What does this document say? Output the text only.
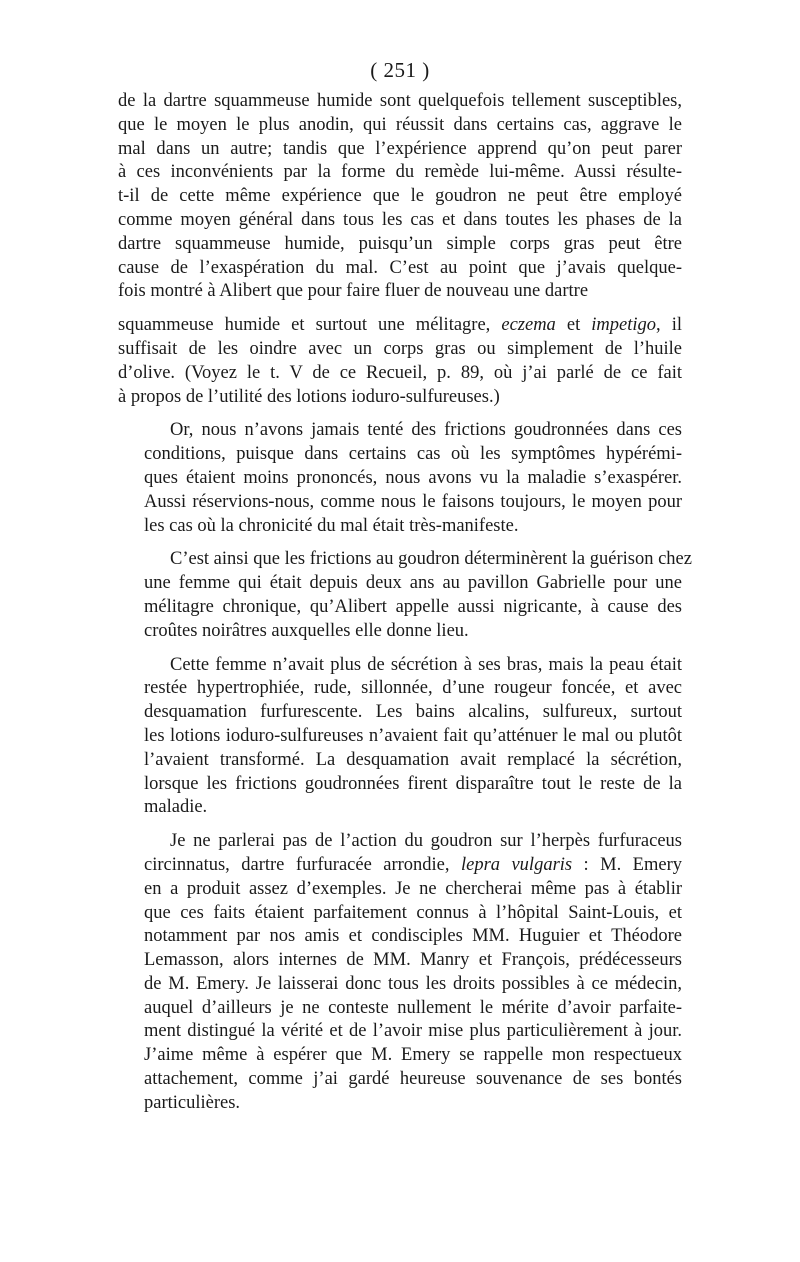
( 251 )
de la dartre squammeuse humide sont quelquefois tellement susceptibles,
que le moyen le plus anodin, qui réussit dans certains cas, aggrave le
mal dans un autre; tandis que l’expérience apprend qu’on peut parer
à ces inconvénients par la forme du remède lui-même. Aussi résulte-
t-il de cette même expérience que le goudron ne peut être employé
comme moyen général dans tous les cas et dans toutes les phases de la
dartre squammeuse humide, puisqu’un simple corps gras peut être
cause de l’exaspération du mal. C’est au point que j’avais quelque-
fois montré à Alibert que pour faire fluer de nouveau une dartre
squammeuse humide et surtout une mélitagre, eczema et impetigo, il
suffisait de les oindre avec un corps gras ou simplement de l’huile
d’olive. (Voyez le t. V de ce Recueil, p. 89, où j’ai parlé de ce fait
à propos de l’utilité des lotions ioduro-sulfureuses.)
Or, nous n’avons jamais tenté des frictions goudronnées dans ces
conditions, puisque dans certains cas où les symptômes hypérémi-
ques étaient moins prononcés, nous avons vu la maladie s’exaspérer.
Aussi réservions-nous, comme nous le faisons toujours, le moyen pour
les cas où la chronicité du mal était très-manifeste.
C’est ainsi que les frictions au goudron déterminèrent la guérison chez
une femme qui était depuis deux ans au pavillon Gabrielle pour une
mélitagre chronique, qu’Alibert appelle aussi nigricante, à cause des
croûtes noirâtres auxquelles elle donne lieu.
Cette femme n’avait plus de sécrétion à ses bras, mais la peau était
restée hypertrophiée, rude, sillonnée, d’une rougeur foncée, et avec
desquamation furfurescente. Les bains alcalins, sulfureux, surtout
les lotions ioduro-sulfureuses n’avaient fait qu’atténuer le mal ou plutôt
l’avaient transformé. La desquamation avait remplacé la sécrétion,
lorsque les frictions goudronnées firent disparaître tout le reste de la
maladie.
Je ne parlerai pas de l’action du goudron sur l’herpès furfuraceus
circinnatus, dartre furfuracée arrondie, lepra vulgaris : M. Emery
en a produit assez d’exemples. Je ne chercherai même pas à établir
que ces faits étaient parfaitement connus à l’hôpital Saint-Louis, et
notamment par nos amis et condisciples MM. Huguier et Théodore
Lemasson, alors internes de MM. Manry et François, prédécesseurs
de M. Emery. Je laisserai donc tous les droits possibles à ce médecin,
auquel d’ailleurs je ne conteste nullement le mérite d’avoir parfaite-
ment distingué la vérité et de l’avoir mise plus particulièrement à jour.
J’aime même à espérer que M. Emery se rappelle mon respectueux
attachement, comme j’ai gardé heureuse souvenance de ses bontés
particulières.
